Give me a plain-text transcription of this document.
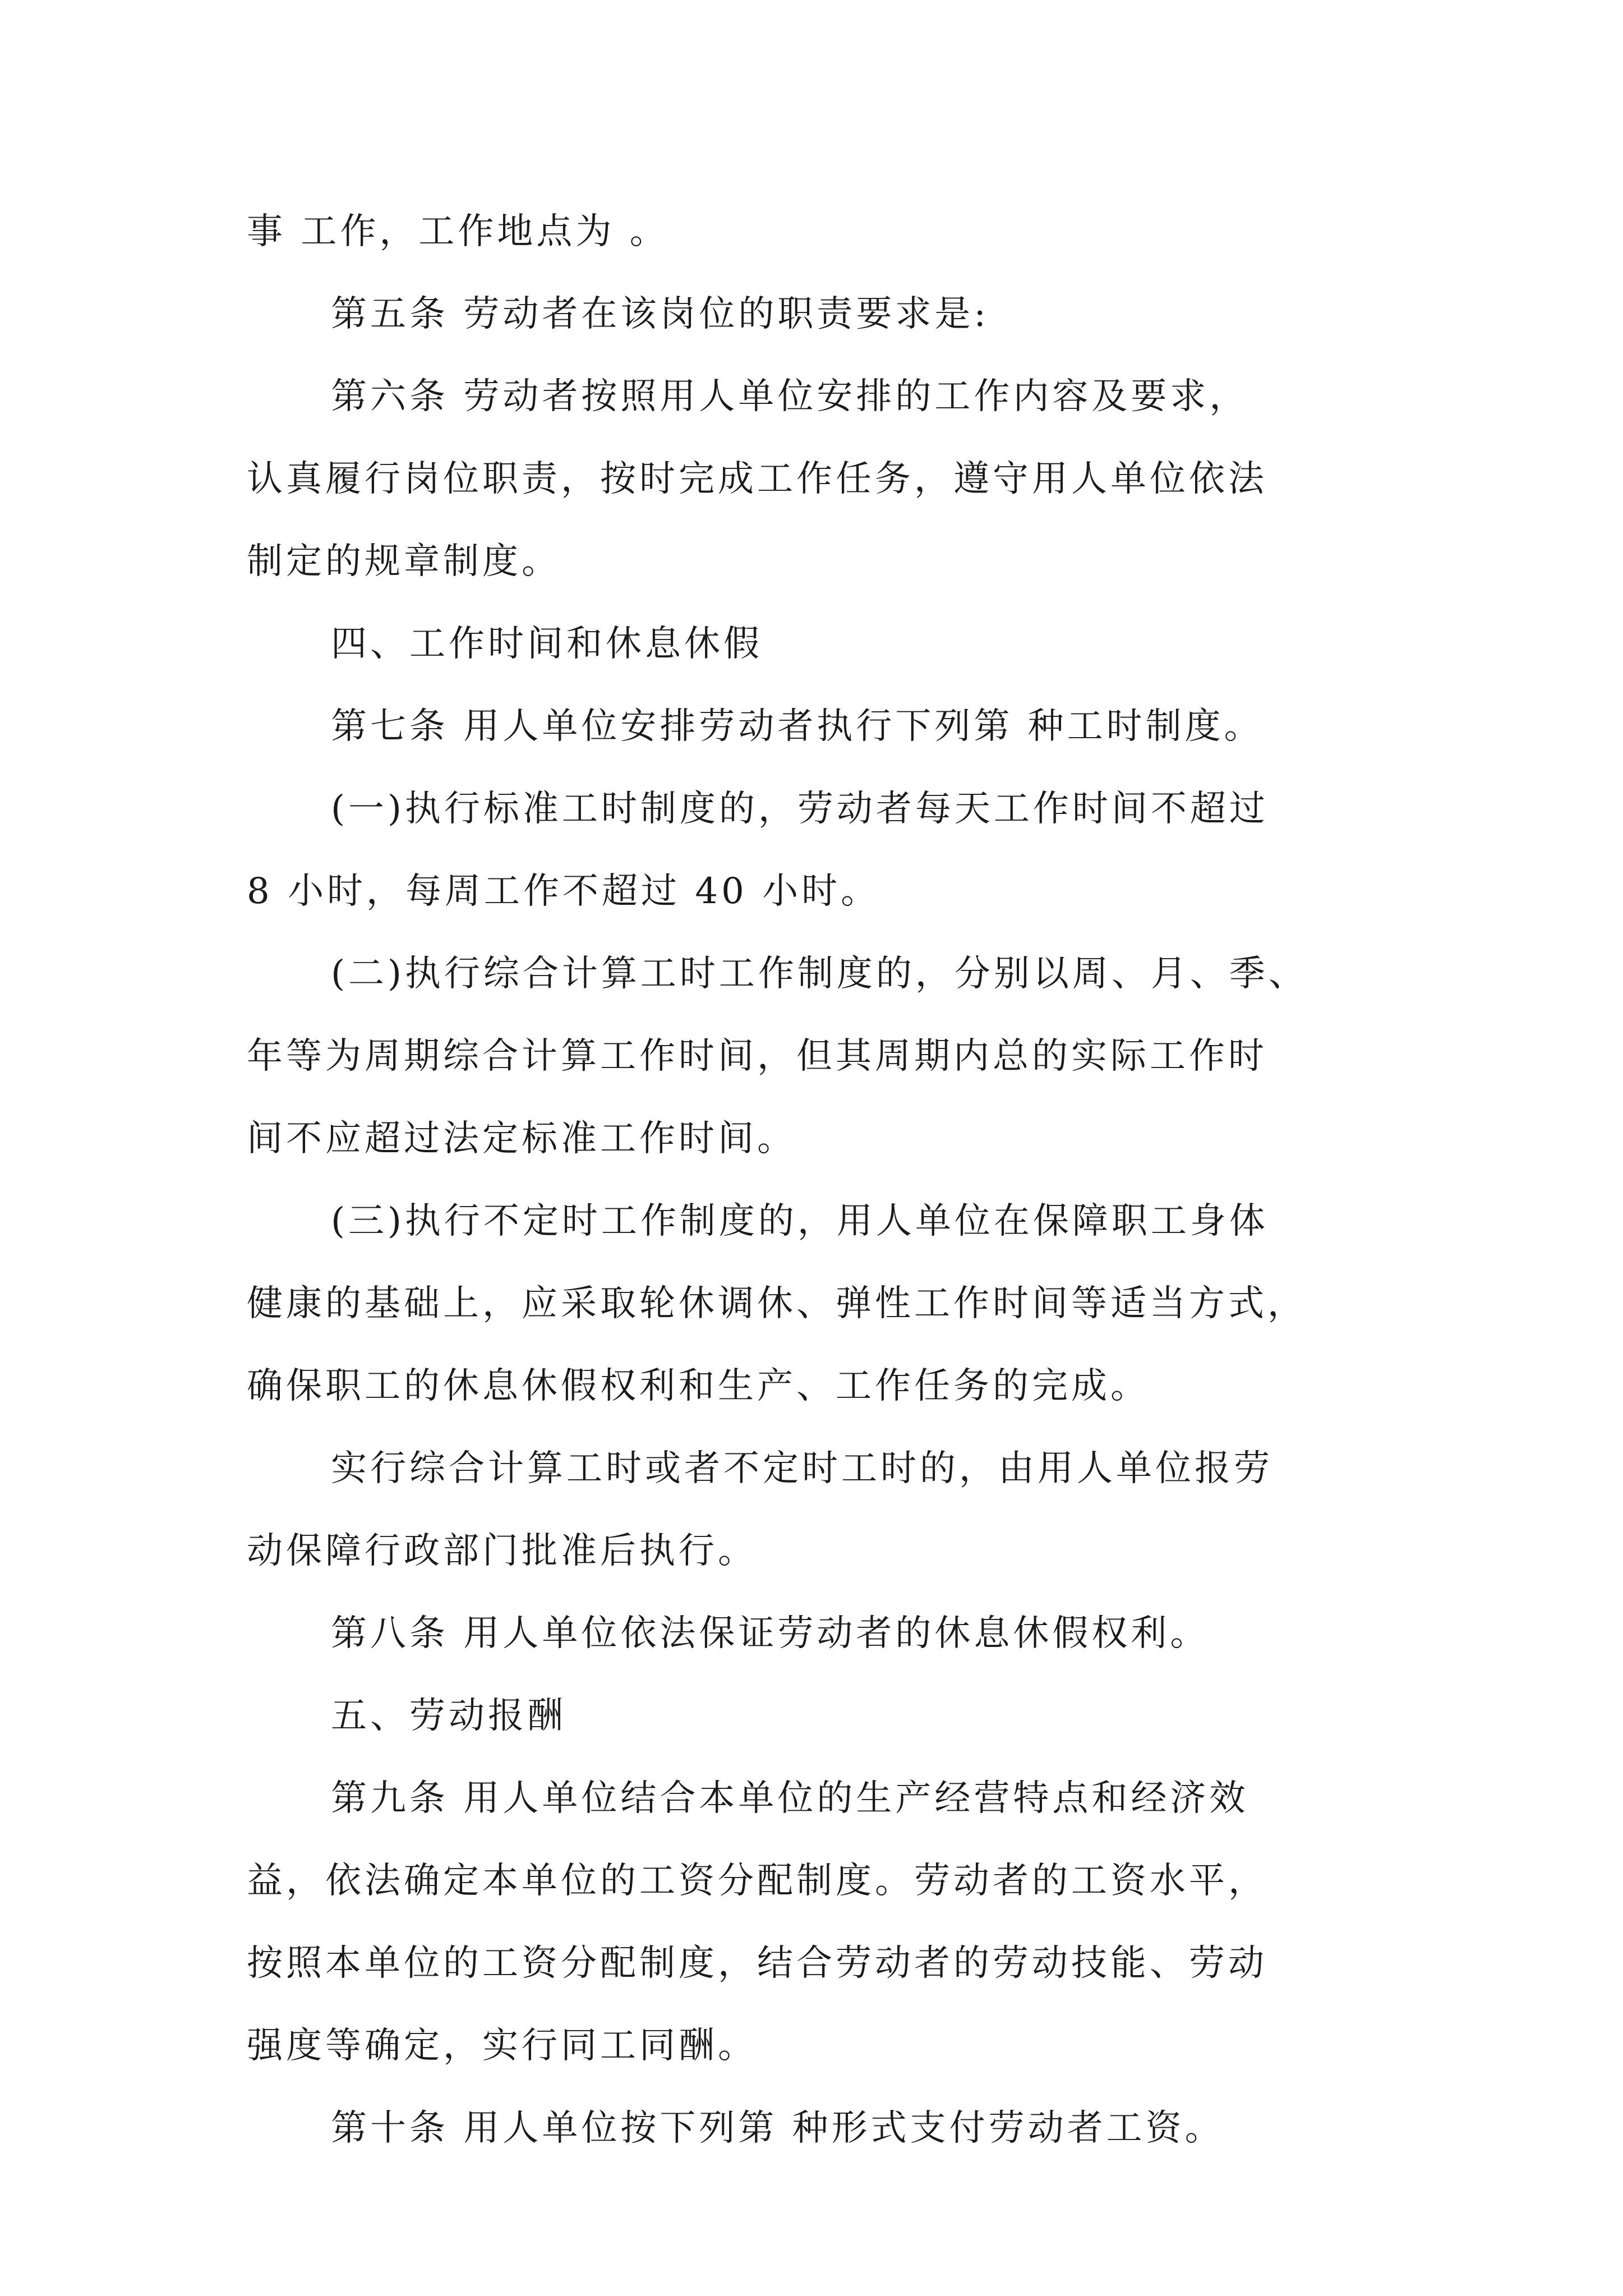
事 工作，工作地点为 。
第五条 劳动者在该岗位的职责要求是:
第六条 劳动者按照用人单位安排的工作内容及要求，
认真履行岗位职责，按时完成工作任务，遵守用人单位依法
制定的规章制度。
四、工作时间和休息休假
第七条 用人单位安排劳动者执行下列第 种工时制度。
(一)执行标准工时制度的，劳动者每天工作时间不超过
8 小时，每周工作不超过 40 小时。
(二)执行综合计算工时工作制度的，分别以周、月、季、
年等为周期综合计算工作时间，但其周期内总的实际工作时
间不应超过法定标准工作时间。
(三)执行不定时工作制度的，用人单位在保障职工身体
健康的基础上，应采取轮休调休、弹性工作时间等适当方式，
确保职工的休息休假权利和生产、工作任务的完成。
实行综合计算工时或者不定时工时的，由用人单位报劳
动保障行政部门批准后执行。
第八条 用人单位依法保证劳动者的休息休假权利。
五、劳动报酬
第九条 用人单位结合本单位的生产经营特点和经济效
益，依法确定本单位的工资分配制度。劳动者的工资水平，
按照本单位的工资分配制度，结合劳动者的劳动技能、劳动
强度等确定，实行同工同酬。
第十条 用人单位按下列第 种形式支付劳动者工资。
